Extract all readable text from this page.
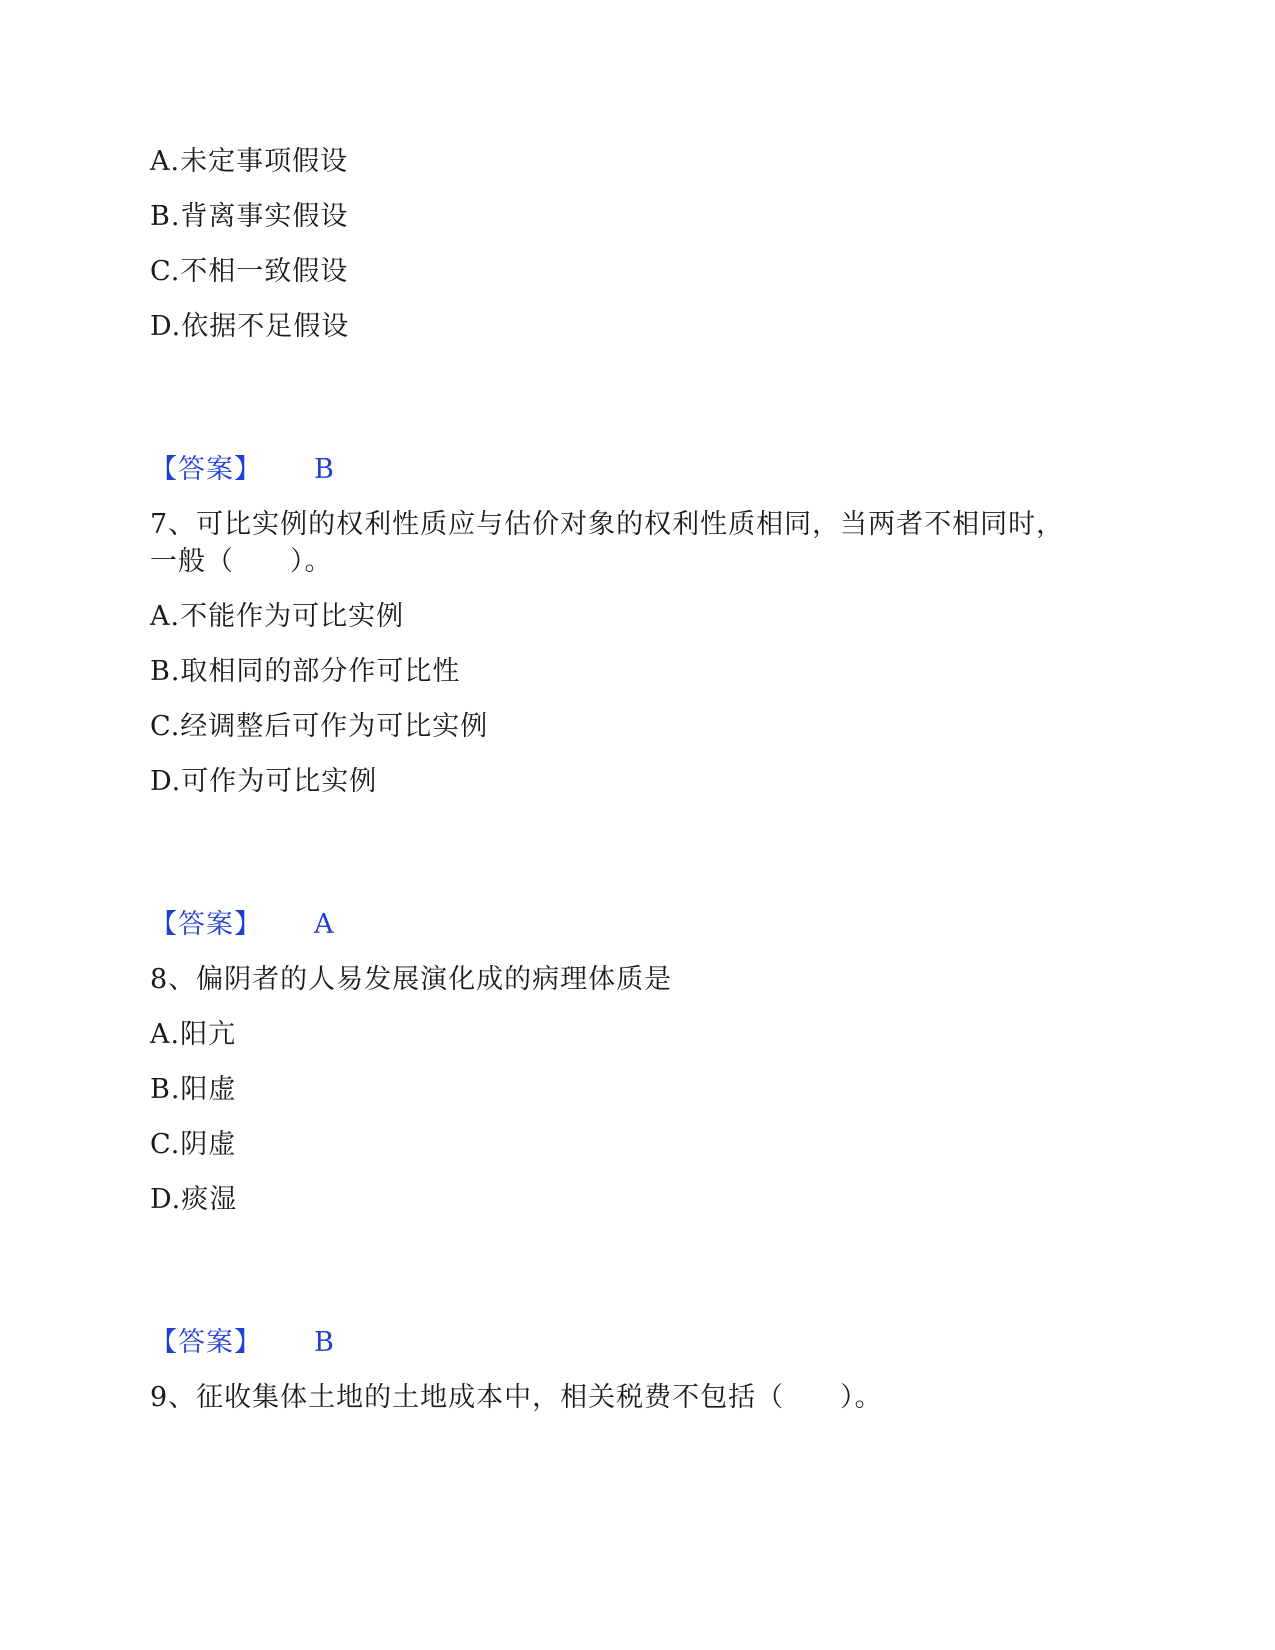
A.未定事项假设
B.背离事实假设
C.不相一致假设
D.依据不足假设
【答案】 B
7、可比实例的权利性质应与估价对象的权利性质相同，当两者不相同时，
一般（　　）。
A.不能作为可比实例
B.取相同的部分作可比性
C.经调整后可作为可比实例
D.可作为可比实例
【答案】 A
8、偏阴者的人易发展演化成的病理体质是
A.阳亢
B.阳虚
C.阴虚
D.痰湿
【答案】 B
9、征收集体土地的土地成本中，相关税费不包括（　　）。
